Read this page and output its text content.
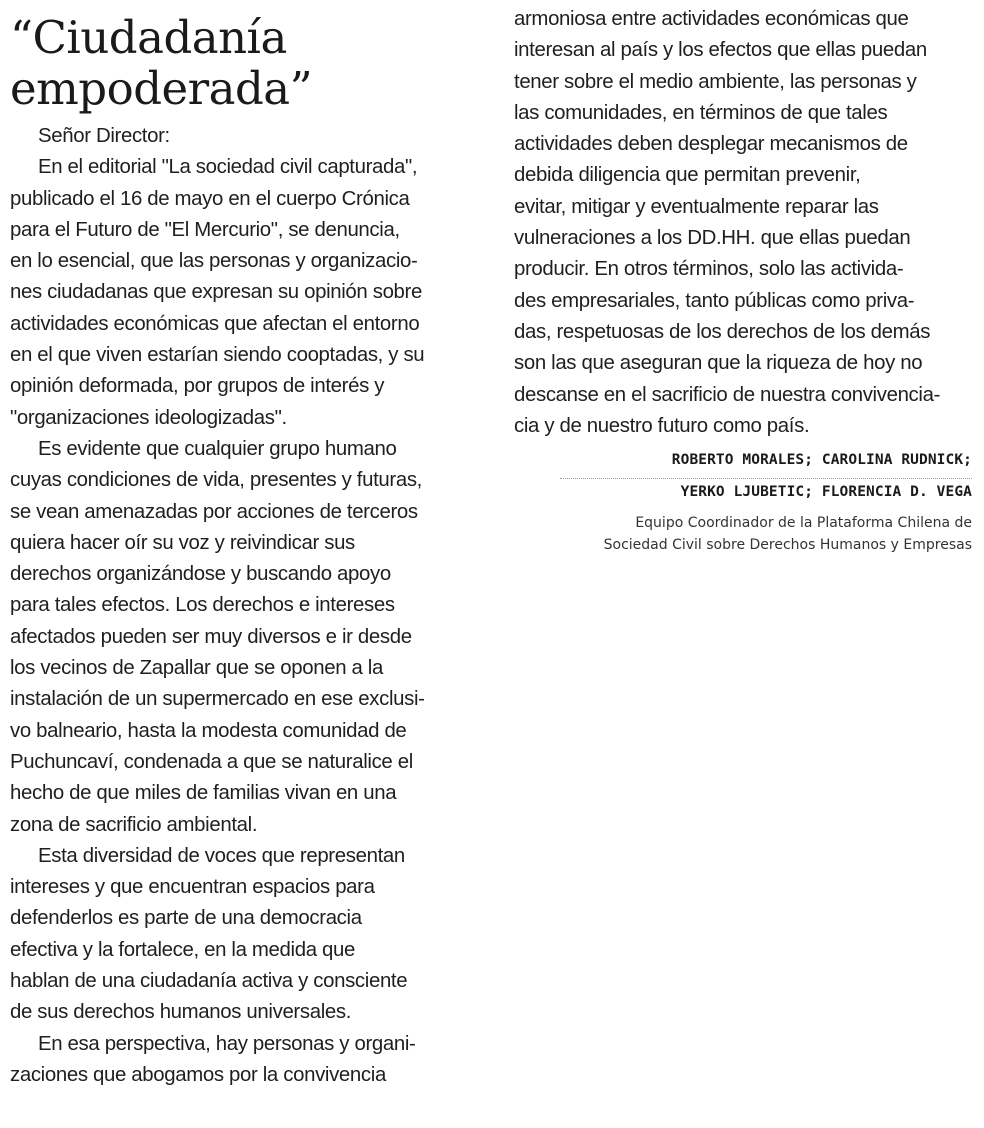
“Ciudadanía
empoderada”
Señor Director:
En el editorial "La sociedad civil capturada",
publicado el 16 de mayo en el cuerpo Crónica
para el Futuro de "El Mercurio", se denuncia,
en lo esencial, que las personas y organizacio-
nes ciudadanas que expresan su opinión sobre
actividades económicas que afectan el entorno
en el que viven estarían siendo cooptadas, y su
opinión deformada, por grupos de interés y
"organizaciones ideologizadas".
Es evidente que cualquier grupo humano
cuyas condiciones de vida, presentes y futuras,
se vean amenazadas por acciones de terceros
quiera hacer oír su voz y reivindicar sus
derechos organizándose y buscando apoyo
para tales efectos. Los derechos e intereses
afectados pueden ser muy diversos e ir desde
los vecinos de Zapallar que se oponen a la
instalación de un supermercado en ese exclusi-
vo balneario, hasta la modesta comunidad de
Puchuncaví, condenada a que se naturalice el
hecho de que miles de familias vivan en una
zona de sacrificio ambiental.
Esta diversidad de voces que representan
intereses y que encuentran espacios para
defenderlos es parte de una democracia
efectiva y la fortalece, en la medida que
hablan de una ciudadanía activa y consciente
de sus derechos humanos universales.
En esa perspectiva, hay personas y organi-
zaciones que abogamos por la convivencia
armoniosa entre actividades económicas que
interesan al país y los efectos que ellas puedan
tener sobre el medio ambiente, las personas y
las comunidades, en términos de que tales
actividades deben desplegar mecanismos de
debida diligencia que permitan prevenir,
evitar, mitigar y eventualmente reparar las
vulneraciones a los DD.HH. que ellas puedan
producir. En otros términos, solo las activida-
des empresariales, tanto públicas como priva-
das, respetuosas de los derechos de los demás
son las que aseguran que la riqueza de hoy no
descanse en el sacrificio de nuestra convivencia-
cia y de nuestro futuro como país.
ROBERTO MORALES; CAROLINA RUDNICK;
YERKO LJUBETIC; FLORENCIA D. VEGA
Equipo Coordinador de la Plataforma Chilena de
Sociedad Civil sobre Derechos Humanos y Empresas
